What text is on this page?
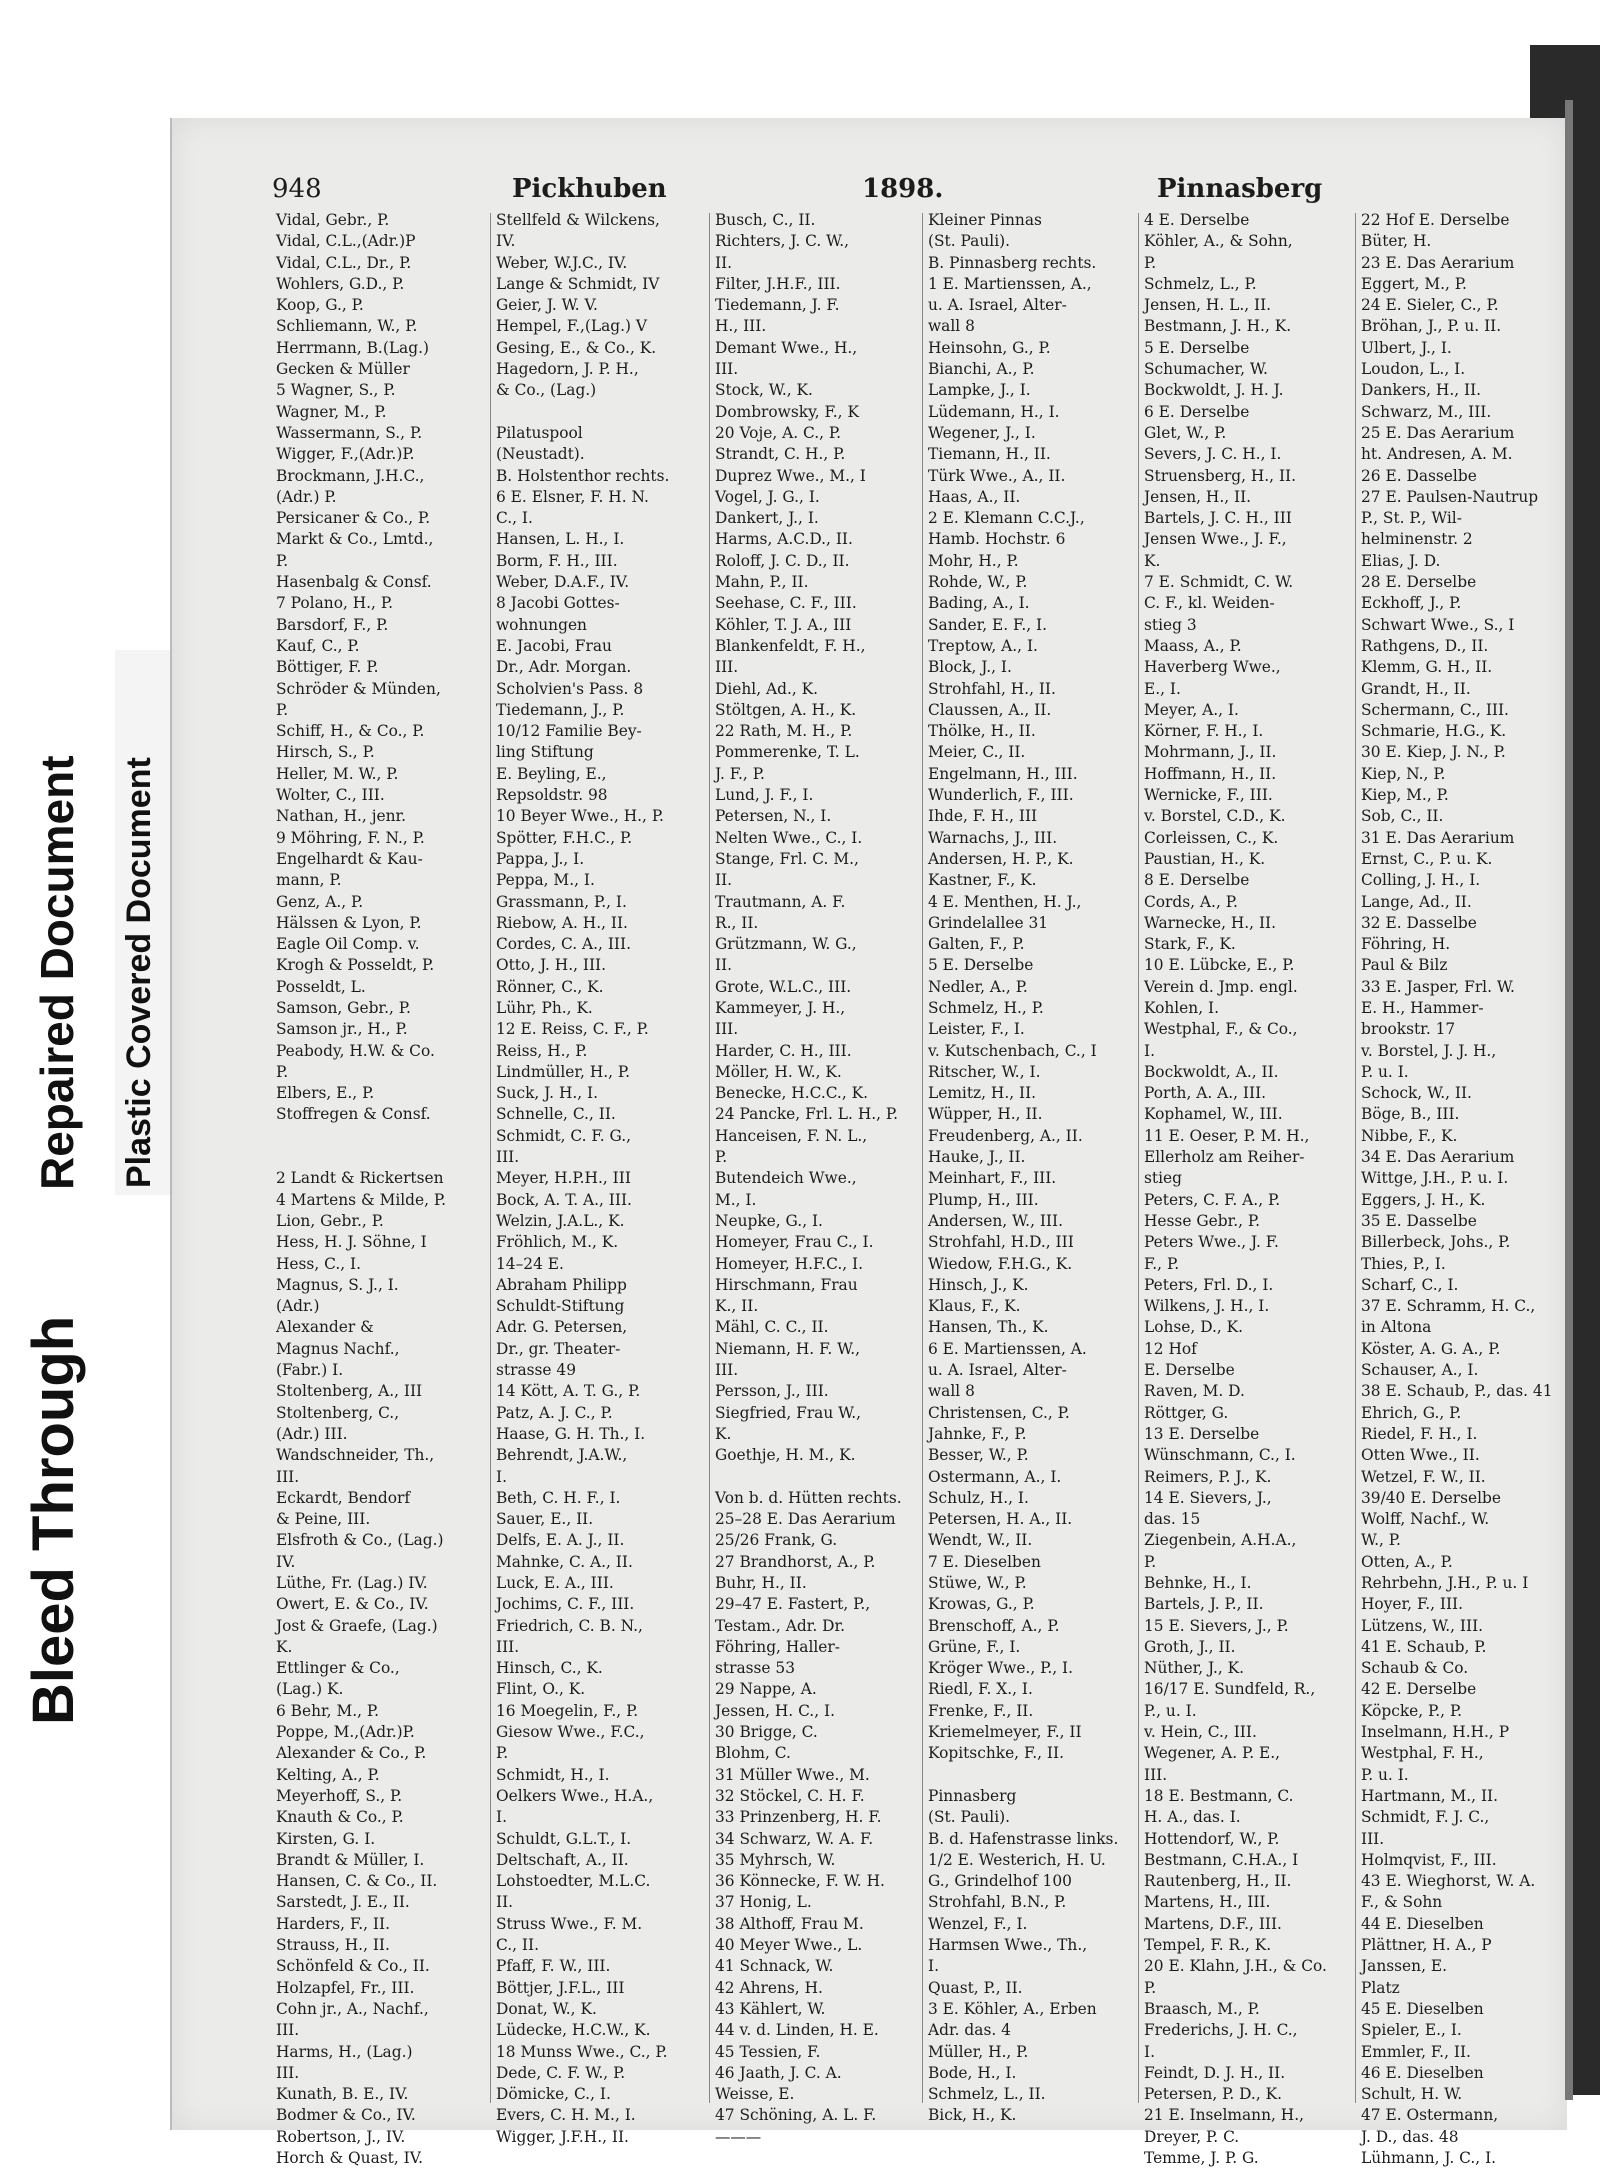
Bleed Through
Repaired Document Plastic Covered Document
948	Pickhuben	1898.	Pinnasberg
Vidal, Gebr., P.
Vidal, C.L.,(Adr.)P
Vidal, C.L., Dr., P.
Wohlers, G.D., P.
Koop, G., P.
Schliemann, W., P.
Herrmann, B.(Lag.)
Gecken & Müller
5 Wagner, S., P.
Wagner, M., P.
Wassermann, S., P.
Wigger, F.,(Adr.)P.
Brockmann, J.H.C.,
(Adr.) P.
Persicaner & Co., P.
Markt & Co., Lmtd.,
P.
Hasenbalg & Consf.
7 Polano, H., P.
Barsdorf, F., P.
Kauf, C., P.
Böttiger, F. P.
Schröder & Münden,
P.
Schiff, H., & Co., P.
Hirsch, S., P.
Heller, M. W., P.
Wolter, C., III.
Nathan, H., jenr.
9 Möhring, F. N., P.
Engelhardt & Kau-
mann, P.
Genz, A., P.
Hälssen & Lyon, P.
Eagle Oil Comp. v.
Krogh & Posseldt, P.
Posseldt, L.
Samson, Gebr., P.
Samson jr., H., P.
Peabody, H.W. & Co.
P.
Elbers, E., P.
Stoffregen & Consf.
2 Landt & Rickertsen
4 Martens & Milde, P.
Lion, Gebr., P.
Hess, H. J. Söhne, I
Hess, C., I.
Magnus, S. J., I.
(Adr.)
Alexander &
Magnus Nachf.,
(Fabr.) I.
Stoltenberg, A., III
Stoltenberg, C.,
(Adr.) III.
Wandschneider, Th.,
III.
Eckardt, Bendorf
& Peine, III.
Elsfroth & Co., (Lag.)
IV.
Lüthe, Fr. (Lag.) IV.
Owert, E. & Co., IV.
Jost & Graefe, (Lag.)
K.
Ettlinger & Co.,
(Lag.) K.
6 Behr, M., P.
Poppe, M.,(Adr.)P.
Alexander & Co., P.
Kelting, A., P.
Meyerhoff, S., P.
Knauth & Co., P.
Kirsten, G. I.
Brandt & Müller, I.
Hansen, C. & Co., II.
Sarstedt, J. E., II.
Harders, F., II.
Strauss, H., II.
Schönfeld & Co., II.
Holzapfel, Fr., III.
Cohn jr., A., Nachf.,
III.
Harms, H., (Lag.)
III.
Kunath, B. E., IV.
Bodmer & Co., IV.
Robertson, J., IV.
Horch & Quast, IV.
Stellfeld & Wilckens,
IV.
Weber, W.J.C., IV.
Lange & Schmidt, IV
Geier, J. W. V.
Hempel, F.,(Lag.) V
Gesing, E., & Co., K.
Hagedorn, J. P. H.,
& Co., (Lag.)
Pilatuspool
(Neustadt).
B. Holstenthor rechts.
6 E. Elsner, F. H. N.
C., I.
Hansen, L. H., I.
Borm, F. H., III.
Weber, D.A.F., IV.
8 Jacobi Gottes-
wohnungen
E. Jacobi, Frau
Dr., Adr. Morgan.
Scholvien's Pass. 8
Tiedemann, J., P.
10/12 Familie Bey-
ling Stiftung
E. Beyling, E.,
Repsoldstr. 98
10 Beyer Wwe., H., P.
Spötter, F.H.C., P.
Pappa, J., I.
Peppa, M., I.
Grassmann, P., I.
Riebow, A. H., II.
Cordes, C. A., III.
Otto, J. H., III.
Rönner, C., K.
Lühr, Ph., K.
12 E. Reiss, C. F., P.
Reiss, H., P.
Lindmüller, H., P.
Suck, J. H., I.
Schnelle, C., II.
Schmidt, C. F. G.,
III.
Meyer, H.P.H., III
Bock, A. T. A., III.
Welzin, J.A.L., K.
Fröhlich, M., K.
14–24 E.
Abraham Philipp
Schuldt-Stiftung
Adr. G. Petersen,
Dr., gr. Theater-
strasse 49
14 Kött, A. T. G., P.
Patz, A. J. C., P.
Haase, G. H. Th., I.
Behrendt, J.A.W.,
I.
Beth, C. H. F., I.
Sauer, E., II.
Delfs, E. A. J., II.
Mahnke, C. A., II.
Luck, E. A., III.
Jochims, C. F., III.
Friedrich, C. B. N.,
III.
Hinsch, C., K.
Flint, O., K.
16 Moegelin, F., P.
Giesow Wwe., F.C.,
P.
Schmidt, H., I.
Oelkers Wwe., H.A.,
I.
Schuldt, G.L.T., I.
Deltschaft, A., II.
Lohstoedter, M.L.C.
II.
Struss Wwe., F. M.
C., II.
Pfaff, F. W., III.
Böttjer, J.F.L., III
Donat, W., K.
Lüdecke, H.C.W., K.
18 Munss Wwe., C., P.
Dede, C. F. W., P.
Dömicke, C., I.
Evers, C. H. M., I.
Wigger, J.F.H., II.
Busch, C., II.
Richters, J. C. W.,
II.
Filter, J.H.F., III.
Tiedemann, J. F.
H., III.
Demant Wwe., H.,
III.
Stock, W., K.
Dombrowsky, F., K
20 Voje, A. C., P.
Strandt, C. H., P.
Duprez Wwe., M., I
Vogel, J. G., I.
Dankert, J., I.
Harms, A.C.D., II.
Roloff, J. C. D., II.
Mahn, P., II.
Seehase, C. F., III.
Köhler, T. J. A., III
Blankenfeldt, F. H.,
III.
Diehl, Ad., K.
Stöltgen, A. H., K.
22 Rath, M. H., P.
Pommerenke, T. L.
J. F., P.
Lund, J. F., I.
Petersen, N., I.
Nelten Wwe., C., I.
Stange, Frl. C. M.,
II.
Trautmann, A. F.
R., II.
Grützmann, W. G.,
II.
Grote, W.L.C., III.
Kammeyer, J. H.,
III.
Harder, C. H., III.
Möller, H. W., K.
Benecke, H.C.C., K.
24 Pancke, Frl. L. H., P.
Hanceisen, F. N. L.,
P.
Butendeich Wwe.,
M., I.
Neupke, G., I.
Homeyer, Frau C., I.
Homeyer, H.F.C., I.
Hirschmann, Frau
K., II.
Mähl, C. C., II.
Niemann, H. F. W.,
III.
Persson, J., III.
Siegfried, Frau W.,
K.
Goethje, H. M., K.
Von b. d. Hütten rechts.
25–28 E. Das Aerarium
25/26 Frank, G.
27 Brandhorst, A., P.
Buhr, H., II.
29–47 E. Fastert, P.,
Testam., Adr. Dr.
Föhring, Haller-
strasse 53
29 Nappe, A.
Jessen, H. C., I.
30 Brigge, C.
Blohm, C.
31 Müller Wwe., M.
32 Stöckel, C. H. F.
33 Prinzenberg, H. F.
34 Schwarz, W. A. F.
35 Myhrsch, W.
36 Könnecke, F. W. H.
37 Honig, L.
38 Althoff, Frau M.
40 Meyer Wwe., L.
41 Schnack, W.
42 Ahrens, H.
43 Kählert, W.
44 v. d. Linden, H. E.
45 Tessien, F.
46 Jaath, J. C. A.
Weisse, E.
47 Schöning, A. L. F.
———
Kleiner Pinnas
(St. Pauli).
B. Pinnasberg rechts.
1 E. Martienssen, A.,
u. A. Israel, Alter-
wall 8
Heinsohn, G., P.
Bianchi, A., P.
Lampke, J., I.
Lüdemann, H., I.
Wegener, J., I.
Tiemann, H., II.
Türk Wwe., A., II.
Haas, A., II.
2 E. Klemann C.C.J.,
Hamb. Hochstr. 6
Mohr, H., P.
Rohde, W., P.
Bading, A., I.
Sander, E. F., I.
Treptow, A., I.
Block, J., I.
Strohfahl, H., II.
Claussen, A., II.
Thölke, H., II.
Meier, C., II.
Engelmann, H., III.
Wunderlich, F., III.
Ihde, F. H., III
Warnachs, J., III.
Andersen, H. P., K.
Kastner, F., K.
4 E. Menthen, H. J.,
Grindelallee 31
Galten, F., P.
5 E. Derselbe
Nedler, A., P.
Schmelz, H., P.
Leister, F., I.
v. Kutschenbach, C., I
Ritscher, W., I.
Lemitz, H., II.
Wüpper, H., II.
Freudenberg, A., II.
Hauke, J., II.
Meinhart, F., III.
Plump, H., III.
Andersen, W., III.
Strohfahl, H.D., III
Wiedow, F.H.G., K.
Hinsch, J., K.
Klaus, F., K.
Hansen, Th., K.
6 E. Martienssen, A.
u. A. Israel, Alter-
wall 8
Christensen, C., P.
Jahnke, F., P.
Besser, W., P.
Ostermann, A., I.
Schulz, H., I.
Petersen, H. A., II.
Wendt, W., II.
7 E. Dieselben
Stüwe, W., P.
Krowas, G., P.
Brenschoff, A., P.
Grüne, F., I.
Kröger Wwe., P., I.
Riedl, F. X., I.
Frenke, F., II.
Kriemelmeyer, F., II
Kopitschke, F., II.
Pinnasberg
(St. Pauli).
B. d. Hafenstrasse links.
1/2 E. Westerich, H. U.
G., Grindelhof 100
Strohfahl, B.N., P.
Wenzel, F., I.
Harmsen Wwe., Th.,
I.
Quast, P., II.
3 E. Köhler, A., Erben
Adr. das. 4
Müller, H., P.
Bode, H., I.
Schmelz, L., II.
Bick, H., K.
4 E. Derselbe
Köhler, A., & Sohn,
P.
Schmelz, L., P.
Jensen, H. L., II.
Bestmann, J. H., K.
5 E. Derselbe
Schumacher, W.
Bockwoldt, J. H. J.
6 E. Derselbe
Glet, W., P.
Severs, J. C. H., I.
Struensberg, H., II.
Jensen, H., II.
Bartels, J. C. H., III
Jensen Wwe., J. F.,
K.
7 E. Schmidt, C. W.
C. F., kl. Weiden-
stieg 3
Maass, A., P.
Haverberg Wwe.,
E., I.
Meyer, A., I.
Körner, F. H., I.
Mohrmann, J., II.
Hoffmann, H., II.
Wernicke, F., III.
v. Borstel, C.D., K.
Corleissen, C., K.
Paustian, H., K.
8 E. Derselbe
Cords, A., P.
Warnecke, H., II.
Stark, F., K.
10 E. Lübcke, E., P.
Verein d. Jmp. engl.
Kohlen, I.
Westphal, F., & Co.,
I.
Bockwoldt, A., II.
Porth, A. A., III.
Kophamel, W., III.
11 E. Oeser, P. M. H.,
Ellerholz am Reiher-
stieg
Peters, C. F. A., P.
Hesse Gebr., P.
Peters Wwe., J. F.
F., P.
Peters, Frl. D., I.
Wilkens, J. H., I.
Lohse, D., K.
12 Hof
E. Derselbe
Raven, M. D.
Röttger, G.
13 E. Derselbe
Wünschmann, C., I.
Reimers, P. J., K.
14 E. Sievers, J.,
das. 15
Ziegenbein, A.H.A.,
P.
Behnke, H., I.
Bartels, J. P., II.
15 E. Sievers, J., P.
Groth, J., II.
Nüther, J., K.
16/17 E. Sundfeld, R.,
P., u. I.
v. Hein, C., III.
Wegener, A. P. E.,
III.
18 E. Bestmann, C.
H. A., das. I.
Hottendorf, W., P.
Bestmann, C.H.A., I
Rautenberg, H., II.
Martens, H., III.
Martens, D.F., III.
Tempel, F. R., K.
20 E. Klahn, J.H., & Co.
P.
Braasch, M., P.
Frederichs, J. H. C.,
I.
Feindt, D. J. H., II.
Petersen, P. D., K.
21 E. Inselmann, H.,
Dreyer, P. C.
Temme, J. P. G.
22 Hof E. Derselbe
Büter, H.
23 E. Das Aerarium
Eggert, M., P.
24 E. Sieler, C., P.
Bröhan, J., P. u. II.
Ulbert, J., I.
Loudon, L., I.
Dankers, H., II.
Schwarz, M., III.
25 E. Das Aerarium
ht. Andresen, A. M.
26 E. Dasselbe
27 E. Paulsen-Nautrup
P., St. P., Wil-
helminenstr. 2
Elias, J. D.
28 E. Derselbe
Eckhoff, J., P.
Schwart Wwe., S., I
Rathgens, D., II.
Klemm, G. H., II.
Grandt, H., II.
Schermann, C., III.
Schmarie, H.G., K.
30 E. Kiep, J. N., P.
Kiep, N., P.
Kiep, M., P.
Sob, C., II.
31 E. Das Aerarium
Ernst, C., P. u. K.
Colling, J. H., I.
Lange, Ad., II.
32 E. Dasselbe
Föhring, H.
Paul & Bilz
33 E. Jasper, Frl. W.
E. H., Hammer-
brookstr. 17
v. Borstel, J. J. H.,
P. u. I.
Schock, W., II.
Böge, B., III.
Nibbe, F., K.
34 E. Das Aerarium
Wittge, J.H., P. u. I.
Eggers, J. H., K.
35 E. Dasselbe
Billerbeck, Johs., P.
Thies, P., I.
Scharf, C., I.
37 E. Schramm, H. C.,
in Altona
Köster, A. G. A., P.
Schauser, A., I.
38 E. Schaub, P., das. 41
Ehrich, G., P.
Riedel, F. H., I.
Otten Wwe., II.
Wetzel, F. W., II.
39/40 E. Derselbe
Wolff, Nachf., W.
W., P.
Otten, A., P.
Rehrbehn, J.H., P. u. I
Hoyer, F., III.
Lützens, W., III.
41 E. Schaub, P.
Schaub & Co.
42 E. Derselbe
Köpcke, P., P.
Inselmann, H.H., P
Westphal, F. H.,
P. u. I.
Hartmann, M., II.
Schmidt, F. J. C.,
III.
Holmqvist, F., III.
43 E. Wieghorst, W. A.
F., & Sohn
44 E. Dieselben
Plättner, H. A., P
Janssen, E.
Platz
45 E. Dieselben
Spieler, E., I.
Emmler, F., II.
46 E. Dieselben
Schult, H. W.
47 E. Ostermann,
J. D., das. 48
Lühmann, J. C., I.
